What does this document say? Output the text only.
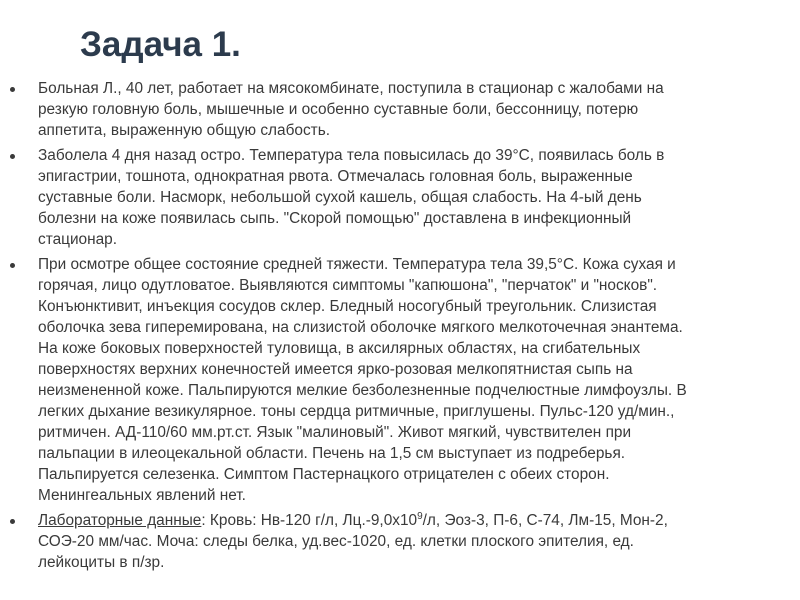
Задача 1.

Больная Л., 40 лет, работает на мясокомбинате, поступила в стационар с жалобами на
резкую головную боль, мышечные и особенно суставные боли, бессонницу, потерю
аппетита, выраженную общую слабость.

Заболела 4 дня назад остро. Температура тела повысилась до 39°С, появилась боль в
эпигастрии, тошнота, однократная рвота. Отмечалась головная боль, выраженные
суставные боли. Насморк, небольшой сухой кашель, общая слабость. На 4-ый день
болезни на коже появилась сыпь. "Скорой помощью" доставлена в инфекционный
стационар.

При осмотре общее состояние средней тяжести. Температура тела 39,5°С. Кожа сухая и
горячая, лицо одутловатое. Выявляются симптомы "капюшона", "перчаток" и "носков".
Конъюнктивит, инъекция сосудов склер. Бледный носогубный треугольник. Слизистая
оболочка зева гиперемирована, на слизистой оболочке мягкого мелкоточечная энантема.
На коже боковых поверхностей туловища, в аксилярных областях, на сгибательных
поверхностях верхних конечностей имеется ярко-розовая мелкопятнистая сыпь на
неизмененной коже. Пальпируются мелкие безболезненные подчелюстные лимфоузлы. В
легких дыхание везикулярное. тоны сердца ритмичные, приглушены. Пульс-120 уд/мин.,
ритмичен. АД-110/60 мм.рт.ст. Язык "малиновый". Живот мягкий, чувствителен при
пальпации в илеоцекальной области. Печень на 1,5 см выступает из подреберья.
Пальпируется селезенка. Симптом Пастернацкого отрицателен с обеих сторон.
Менингеальных явлений нет.

Лабораторные данные: Кровь: Нв-120 г/л, $Лц.-9,0х10^9/л$, Эоз-3, П-6, С-74, Лм-15, Мон-2,
СОЭ-20 мм/час. Моча: следы белка, уд.вес-1020, ед. клетки плоского эпителия, ед.
лейкоциты в п/зр.
